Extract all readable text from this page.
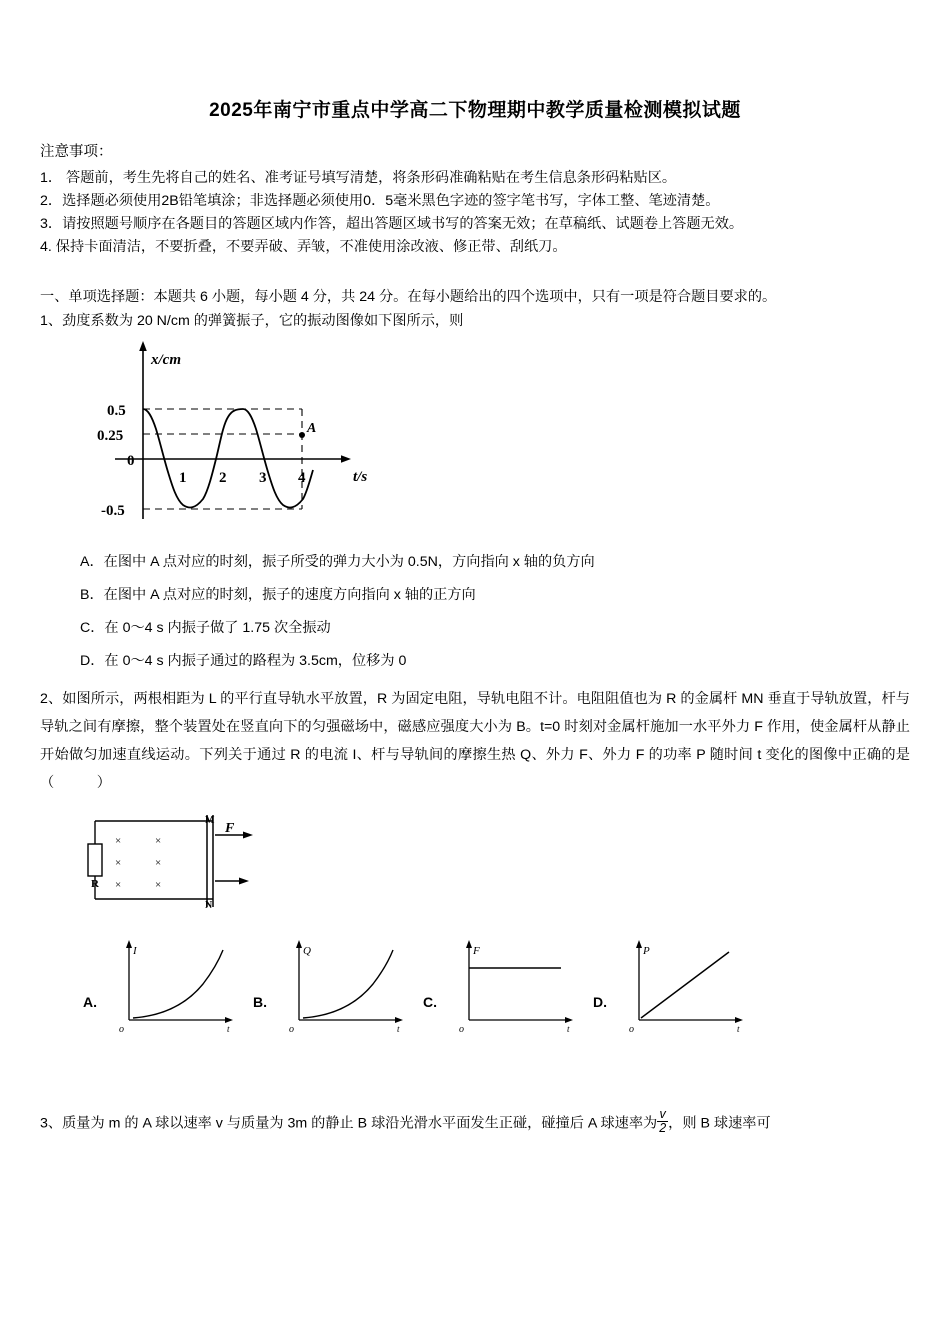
2025年南宁市重点中学高二下物理期中教学质量检测模拟试题
注意事项：
1． 答题前，考生先将自己的姓名、准考证号填写清楚，将条形码准确粘贴在考生信息条形码粘贴区。
2．选择题必须使用2B铅笔填涂；非选择题必须使用0．5毫米黑色字迹的签字笔书写，字体工整、笔迹清楚。
3．请按照题号顺序在各题目的答题区域内作答，超出答题区域书写的答案无效；在草稿纸、试题卷上答题无效。
4. 保持卡面清洁，不要折叠，不要弄破、弄皱，不准使用涂改液、修正带、刮纸刀。
一、单项选择题：本题共 6 小题，每小题 4 分，共 24 分。在每小题给出的四个选项中，只有一项是符合题目要求的。
1、劲度系数为 20 N/cm 的弹簧振子，它的振动图像如下图所示，则
A
x/cm
t/s
0.5
0.25
0
-0.5
1 2 3 4
A．在图中 A 点对应的时刻，振子所受的弹力大小为 0.5N，方向指向 x 轴的负方向
B．在图中 A 点对应的时刻，振子的速度方向指向 x 轴的正方向
C．在 0～4 s 内振子做了 1.75 次全振动
D．在 0～4 s 内振子通过的路程为 3.5cm，位移为 0
2、如图所示，两根相距为 L 的平行直导轨水平放置，R 为固定电阻，导轨电阻不计。电阻阻值也为 R 的金属杆 MN 垂直于导轨放置，杆与导轨之间有摩擦，整个装置处在竖直向下的匀强磁场中，磁感应强度大小为 B。t=0 时刻对金属杆施加一水平外力 F 作用，使金属杆从静止开始做匀加速直线运动。下列关于通过 R 的电流 I、杆与导轨间的摩擦生热 Q、外力 F、外力 F 的功率 P 随时间 t 变化的图像中正确的是（　　　）
R
M
N
×	×
×	×
×	×
F
A.
I
o	t
B.
Q
o	t
C.
F
o	t
D.
P
o	t
3、质量为 m 的 A 球以速率 v 与质量为 3m 的静止 B 球沿光滑水平面发生正碰，碰撞后 A 球速率为 $\frac{v}{2}$ ，则 B 球速率可
